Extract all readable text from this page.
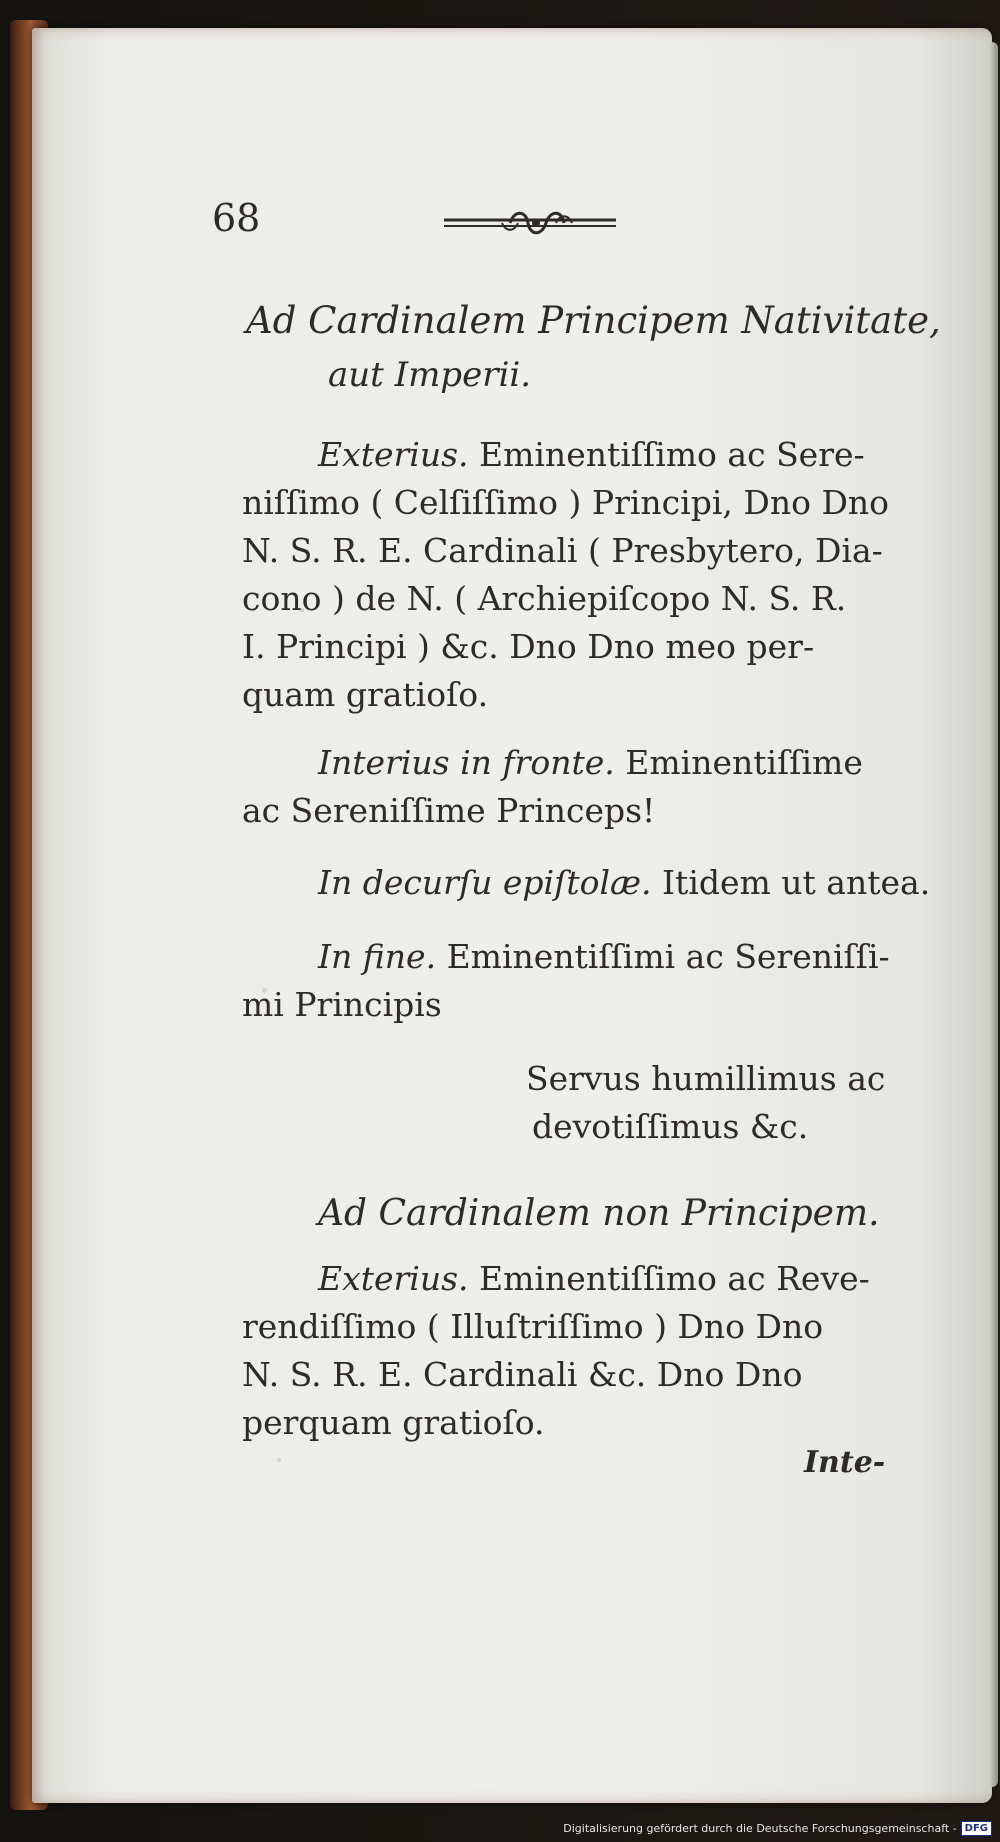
68
Ad Cardinalem Principem Nativitate,
aut Imperii.
Exterius. Eminentiſſimo ac Sere-
niſſimo ( Celſiſſimo ) Principi, Dno Dno
N. S. R. E. Cardinali ( Presbytero, Dia-
cono ) de N. ( Archiepiſcopo N. S. R.
I. Principi ) &c. Dno Dno meo per-
quam gratioſo.
Interius in fronte. Eminentiſſime
ac Sereniſſime Princeps!
In decurſu epiſtolæ. Itidem ut antea.
In fine. Eminentiſſimi ac Sereniſſi-
mi Principis
Servus humillimus ac
devotiſſimus &c.
Ad Cardinalem non Principem.
Exterius. Eminentiſſimo ac Reve-
rendiſſimo ( Illuſtriſſimo ) Dno Dno
N. S. R. E. Cardinali &c. Dno Dno
perquam gratioſo.
Inte-
Digitalisierung gefördert durch die Deutsche Forschungsgemeinschaft - DFG
